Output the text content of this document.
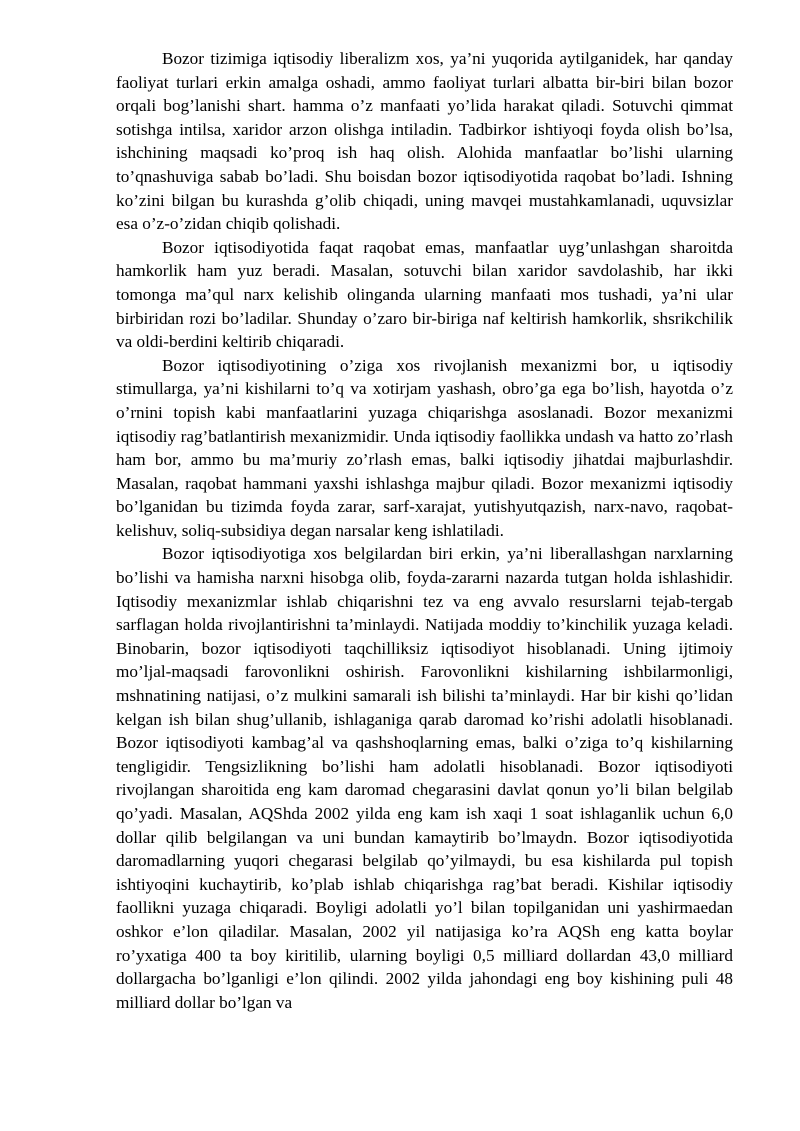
Bozor tizimiga iqtisodiy liberalizm xos, ya’ni yuqorida aytilganidek, har qanday faoliyat turlari erkin amalga oshadi, ammo faoliyat turlari albatta bir-biri bilan bozor orqali bog’lanishi shart. hamma o’z manfaati yo’lida harakat qiladi. Sotuvchi qimmat sotishga intilsa, xaridor arzon olishga intiladin. Tadbirkor ishtiyoqi foyda olish bo’lsa, ishchining maqsadi ko’proq ish haq olish. Alohida manfaatlar bo’lishi ularning to’qnashuviga sabab bo’ladi. Shu boisdan bozor iqtisodiyotida raqobat bo’ladi. Ishning ko’zini bilgan bu kurashda g’olib chiqadi, uning mavqei mustahkamlanadi, uquvsizlar esa o’z-o’zidan chiqib qolishadi.

Bozor iqtisodiyotida faqat raqobat emas, manfaatlar uyg’unlashgan sharoitda hamkorlik ham yuz beradi. Masalan, sotuvchi bilan xaridor savdolashib, har ikki tomonga ma’qul narx kelishib olinganda ularning manfaati mos tushadi, ya’ni ular birbiridan rozi bo’ladilar. Shunday o’zaro bir-biriga naf keltirish hamkorlik, shsrikchilik va oldi-berdini keltirib chiqaradi.

Bozor iqtisodiyotining o’ziga xos rivojlanish mexanizmi bor, u iqtisodiy stimullarga, ya’ni kishilarni to’q va xotirjam yashash, obro’ga ega bo’lish, hayotda o’z o’rnini topish kabi manfaatlarini yuzaga chiqarishga asoslanadi. Bozor mexanizmi iqtisodiy rag’batlantirish mexanizmidir. Unda iqtisodiy faollikka undash va hatto zo’rlash ham bor, ammo bu ma’muriy zo’rlash emas, balki iqtisodiy jihatdai majburlashdir. Masalan, raqobat hammani yaxshi ishlashga majbur qiladi. Bozor mexanizmi iqtisodiy bo’lganidan bu tizimda foyda zarar, sarf-xarajat, yutishyutqazish, narx-navo, raqobat-kelishuv, soliq-subsidiya degan narsalar keng ishlatiladi.

Bozor iqtisodiyotiga xos belgilardan biri erkin, ya’ni liberallashgan narxlarning bo’lishi va hamisha narxni hisobga olib, foyda-zararni nazarda tutgan holda ishlashidir. Iqtisodiy mexanizmlar ishlab chiqarishni tez va eng avvalo resurslarni tejab-tergab sarflagan holda rivojlantirishni ta’minlaydi. Natijada moddiy to’kinchilik yuzaga keladi. Binobarin, bozor iqtisodiyoti taqchilliksiz iqtisodiyot hisoblanadi. Uning ijtimoiy mo’ljal-maqsadi farovonlikni oshirish. Farovonlikni kishilarning ishbilarmonligi, mshnatining natijasi, o’z mulkini samarali ish bilishi ta’minlaydi. Har bir kishi qo’lidan kelgan ish bilan shug’ullanib, ishlaganiga qarab daromad ko’rishi adolatli hisoblanadi. Bozor iqtisodiyoti kambag’al va qashshoqlarning emas, balki o’ziga to’q kishilarning tengligidir. Tengsizlikning bo’lishi ham adolatli hisoblanadi. Bozor iqtisodiyoti rivojlangan sharoitida eng kam daromad chegarasini davlat qonun yo’li bilan belgilab qo’yadi. Masalan, AQShda 2002 yilda eng kam ish xaqi 1 soat ishlaganlik uchun 6,0 dollar qilib belgilangan va uni bundan kamaytirib bo’lmaydn. Bozor iqtisodiyotida daromadlarning yuqori chegarasi belgilab qo’yilmaydi, bu esa kishilarda pul topish ishtiyoqini kuchaytirib, ko’plab ishlab chiqarishga rag’bat beradi. Kishilar iqtisodiy faollikni yuzaga chiqaradi. Boyligi adolatli yo’l bilan topilganidan uni yashirmaedan oshkor e’lon qiladilar. Masalan, 2002 yil natijasiga ko’ra AQSh eng katta boylar ro’yxatiga 400 ta boy kiritilib, ularning boyligi 0,5 milliard dollardan 43,0 milliard dollargacha bo’lganligi e’lon qilindi. 2002 yilda jahondagi eng boy kishining puli 48 milliard dollar bo’lgan va
